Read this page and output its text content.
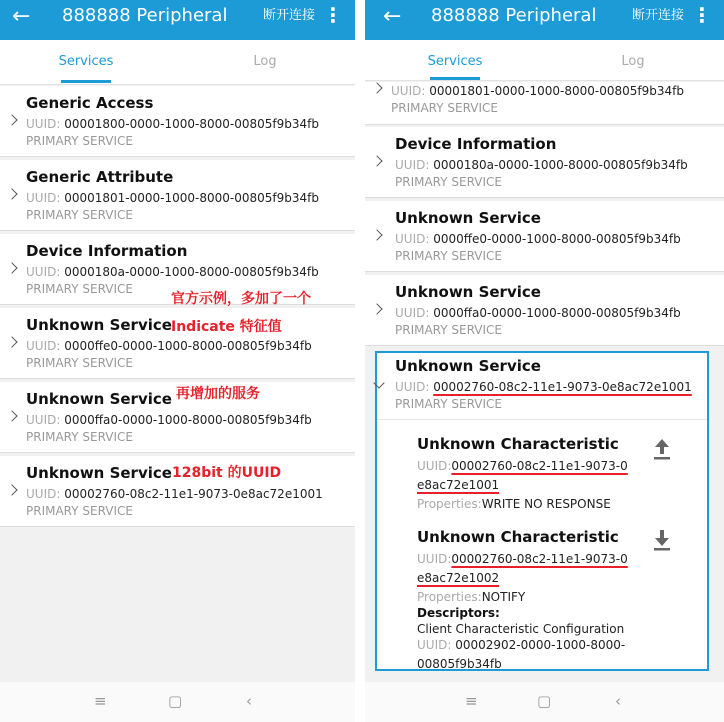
← 888888 Peripheral	断开连接 ⋮
Services	Log
Generic Access
UUID: 00001800-0000-1000-8000-00805f9b34fb
PRIMARY SERVICE
Generic Attribute
UUID: 00001801-0000-1000-8000-00805f9b34fb
PRIMARY SERVICE
Device Information
UUID: 0000180a-0000-1000-8000-00805f9b34fb
PRIMARY SERVICE
Unknown Service
UUID: 0000ffe0-0000-1000-8000-00805f9b34fb
PRIMARY SERVICE
Unknown Service
UUID: 0000ffa0-0000-1000-8000-00805f9b34fb
PRIMARY SERVICE
Unknown Service
UUID: 00002760-08c2-11e1-9073-0e8ac72e1001
PRIMARY SERVICE
官方示例，多加了一个
Indicate 特征值
再增加的服务
128bit 的UUID
≡	▢	‹
← 888888 Peripheral	断开连接 ⋮
Services	Log
UUID: 00001801-0000-1000-8000-00805f9b34fb
PRIMARY SERVICE
Device Information
UUID: 0000180a-0000-1000-8000-00805f9b34fb
PRIMARY SERVICE
Unknown Service
UUID: 0000ffe0-0000-1000-8000-00805f9b34fb
PRIMARY SERVICE
Unknown Service
UUID: 0000ffa0-0000-1000-8000-00805f9b34fb
PRIMARY SERVICE
Unknown Service
UUID: 00002760-08c2-11e1-9073-0e8ac72e1001
PRIMARY SERVICE
Unknown Characteristic
UUID:00002760-08c2-11e1-9073-0
e8ac72e1001
Properties:WRITE NO RESPONSE
Unknown Characteristic
UUID:00002760-08c2-11e1-9073-0
e8ac72e1002
Properties:NOTIFY
Descriptors:
Client Characteristic Configuration
UUID: 00002902-0000-1000-8000-
00805f9b34fb
≡	▢	‹
